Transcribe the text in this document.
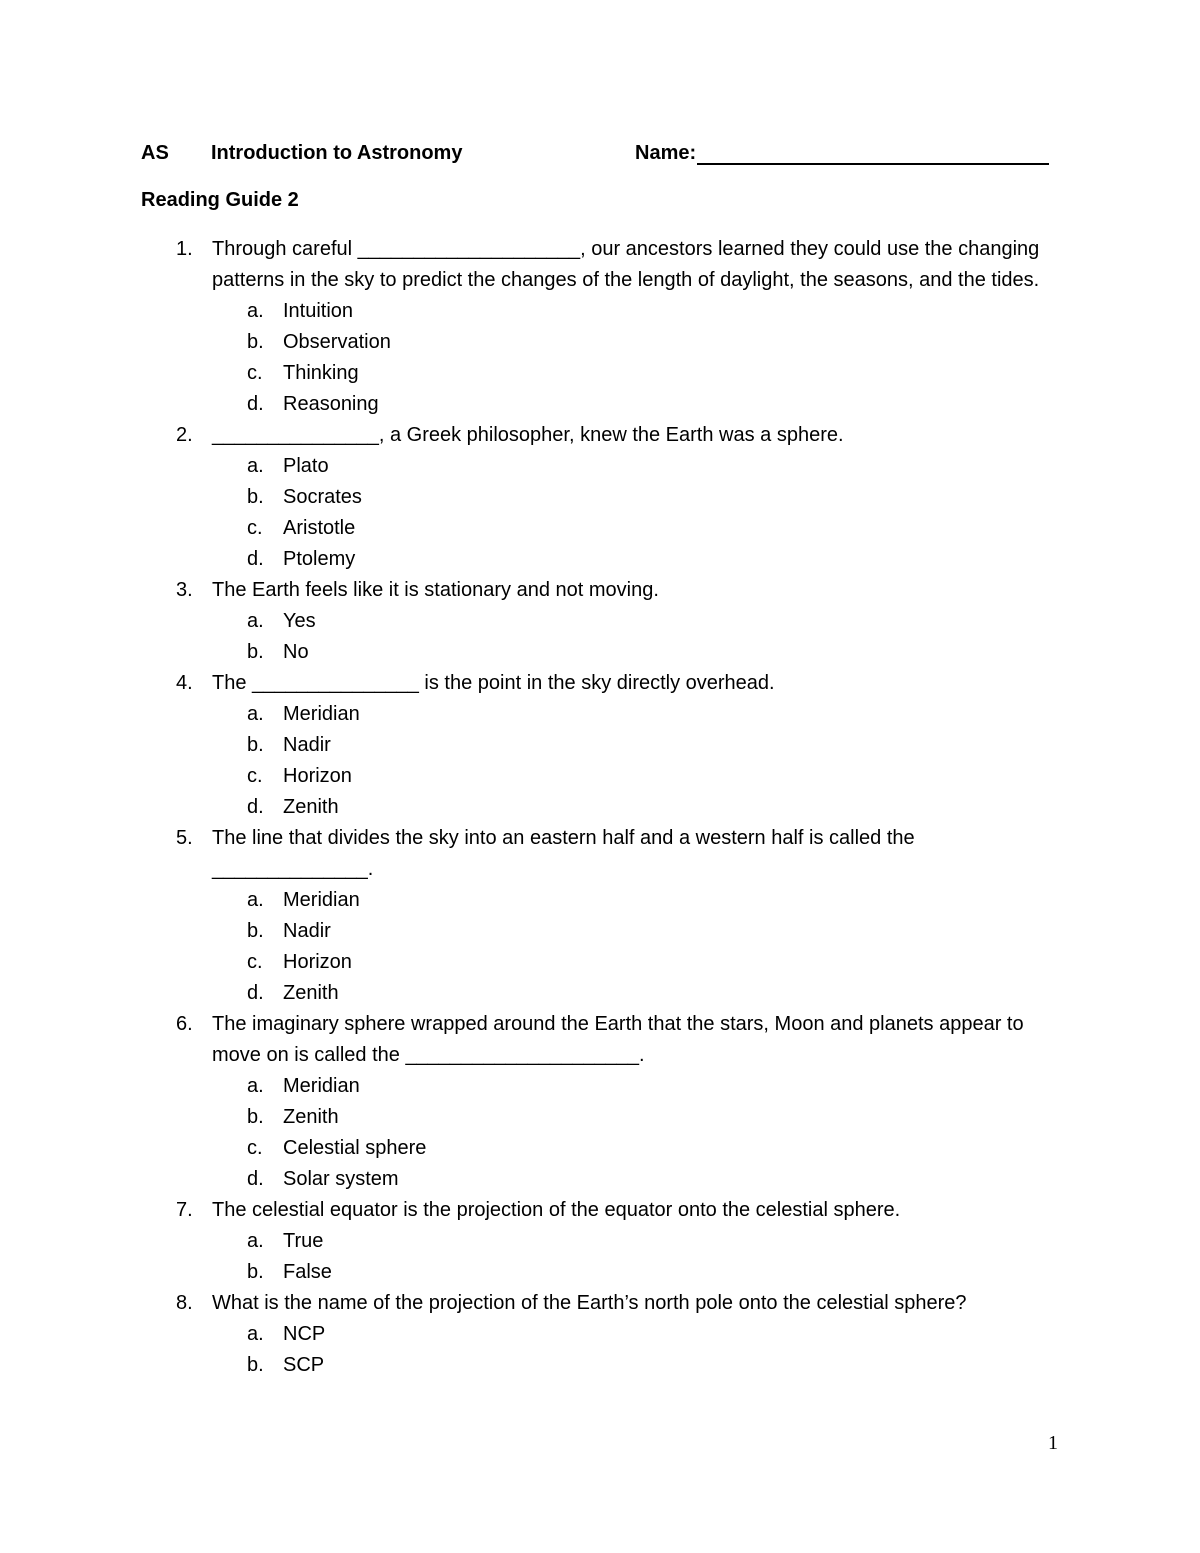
AS Introduction to Astronomy	Name:
Reading Guide 2
1. Through careful ____________________, our ancestors learned they could use the changing patterns in the sky to predict the changes of the length of daylight, the seasons, and the tides.
a. Intuition
b. Observation
c. Thinking
d. Reasoning
2. _______________, a Greek philosopher, knew the Earth was a sphere.
a. Plato
b. Socrates
c. Aristotle
d. Ptolemy
3. The Earth feels like it is stationary and not moving.
a. Yes
b. No
4. The _______________ is the point in the sky directly overhead.
a. Meridian
b. Nadir
c. Horizon
d. Zenith
5. The line that divides the sky into an eastern half and a western half is called the ______________.
a. Meridian
b. Nadir
c. Horizon
d. Zenith
6. The imaginary sphere wrapped around the Earth that the stars, Moon and planets appear to move on is called the _____________________.
a. Meridian
b. Zenith
c. Celestial sphere
d. Solar system
7. The celestial equator is the projection of the equator onto the celestial sphere.
a. True
b. False
8. What is the name of the projection of the Earth’s north pole onto the celestial sphere?
a. NCP
b. SCP
1
